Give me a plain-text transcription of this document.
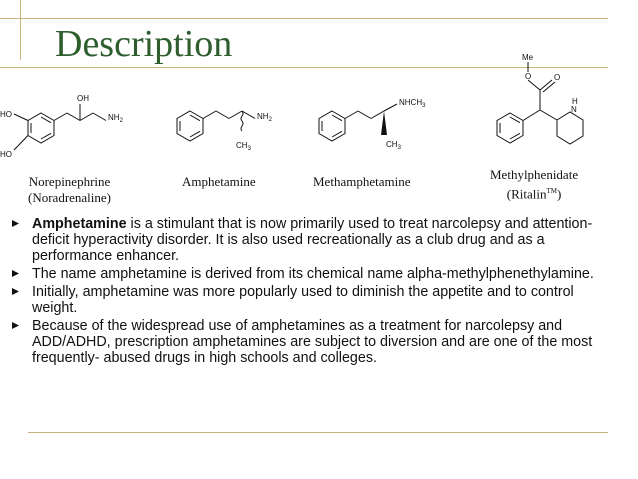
Description
OH
HO
HO
$NH_2$	$NH_2$
$CH_3$
$NHCH_3$
$CH_3$
Me
O	O
H
N
Norepinephrine
(Noradrenaline)
Amphetamine	Methamphetamine	Methylphenidate
(Ritalin™)
Amphetamine is a stimulant that is now primarily used to treat narcolepsy and attention-deficit hyperactivity disorder. It is also used recreationally as a club drug and as a performance enhancer.
The name amphetamine is derived from its chemical name alpha-methylphenethylamine.
Initially, amphetamine was more popularly used to diminish the appetite and to control weight.
Because of the widespread use of amphetamines as a treatment for narcolepsy and ADD/ADHD, prescription amphetamines are subject to diversion and are one of the most frequently- abused drugs in high schools and colleges.
